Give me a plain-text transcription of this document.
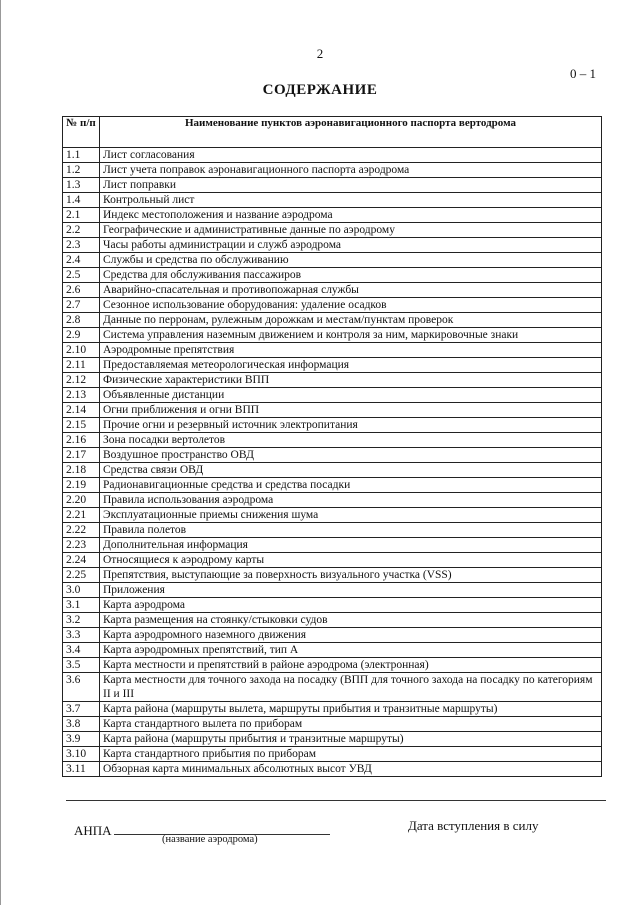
2
0 – 1
СОДЕРЖАНИЕ
№ п/п	Наименование пунктов аэронавигационного паспорта вертодрома
1.1	Лист согласования
1.2	Лист учета поправок аэронавигационного паспорта аэродрома
1.3	Лист поправки
1.4	Контрольный лист
2.1	Индекс местоположения и название аэродрома
2.2	Географические и административные данные по аэродрому
2.3	Часы работы администрации и служб аэродрома
2.4	Службы и средства по обслуживанию
2.5	Средства для обслуживания пассажиров
2.6	Аварийно-спасательная и противопожарная службы
2.7	Сезонное использование оборудования: удаление осадков
2.8	Данные по перронам, рулежным дорожкам и местам/пунктам проверок
2.9	Система управления наземным движением и контроля за ним, маркировочные знаки
2.10	Аэродромные препятствия
2.11	Предоставляемая метеорологическая информация
2.12	Физические характеристики ВПП
2.13	Объявленные дистанции
2.14	Огни приближения и огни ВПП
2.15	Прочие огни и резервный источник электропитания
2.16	Зона посадки вертолетов
2.17	Воздушное пространство ОВД
2.18	Средства связи ОВД
2.19	Радионавигационные средства и средства посадки
2.20	Правила использования аэродрома
2.21	Эксплуатационные приемы снижения шума
2.22	Правила полетов
2.23	Дополнительная информация
2.24	Относящиеся к аэродрому карты
2.25	Препятствия, выступающие за поверхность визуального участка (VSS)
3.0	Приложения
3.1	Карта аэродрома
3.2	Карта размещения на стоянку/стыковки судов
3.3	Карта аэродромного наземного движения
3.4	Карта аэродромных препятствий, тип А
3.5	Карта местности и препятствий в районе аэродрома (электронная)
3.6	Карта местности для точного захода на посадку (ВПП для точного захода на посадку по категориям II и III
3.7	Карта района (маршруты вылета, маршруты прибытия и транзитные маршруты)
3.8	Карта стандартного вылета по приборам
3.9	Карта района (маршруты прибытия и транзитные маршруты)
3.10	Карта стандартного прибытия по приборам
3.11	Обзорная карта минимальных абсолютных высот УВД
АНПА
(название аэродрома)
Дата вступления в силу
